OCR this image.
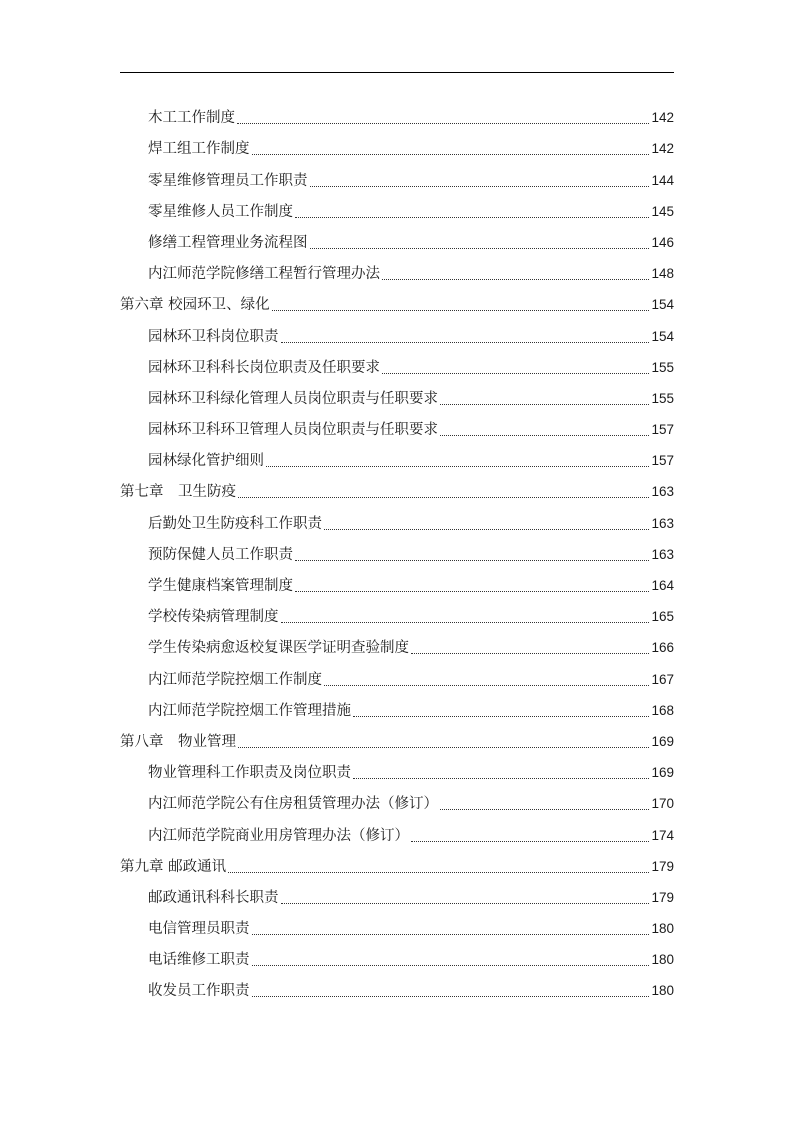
木工工作制度	142
焊工组工作制度	142
零星维修管理员工作职责	144
零星维修人员工作制度	145
修缮工程管理业务流程图	146
内江师范学院修缮工程暂行管理办法	148
第六章 校园环卫、绿化	154
园林环卫科岗位职责	154
园林环卫科科长岗位职责及任职要求	155
园林环卫科绿化管理人员岗位职责与任职要求	155
园林环卫科环卫管理人员岗位职责与任职要求	157
园林绿化管护细则	157
第七章　卫生防疫	163
后勤处卫生防疫科工作职责	163
预防保健人员工作职责	163
学生健康档案管理制度	164
学校传染病管理制度	165
学生传染病愈返校复课医学证明查验制度	166
内江师范学院控烟工作制度	167
内江师范学院控烟工作管理措施	168
第八章　物业管理	169
物业管理科工作职责及岗位职责	169
内江师范学院公有住房租赁管理办法（修订）	170
内江师范学院商业用房管理办法（修订）	174
第九章 邮政通讯	179
邮政通讯科科长职责	179
电信管理员职责	180
电话维修工职责	180
收发员工作职责	180
